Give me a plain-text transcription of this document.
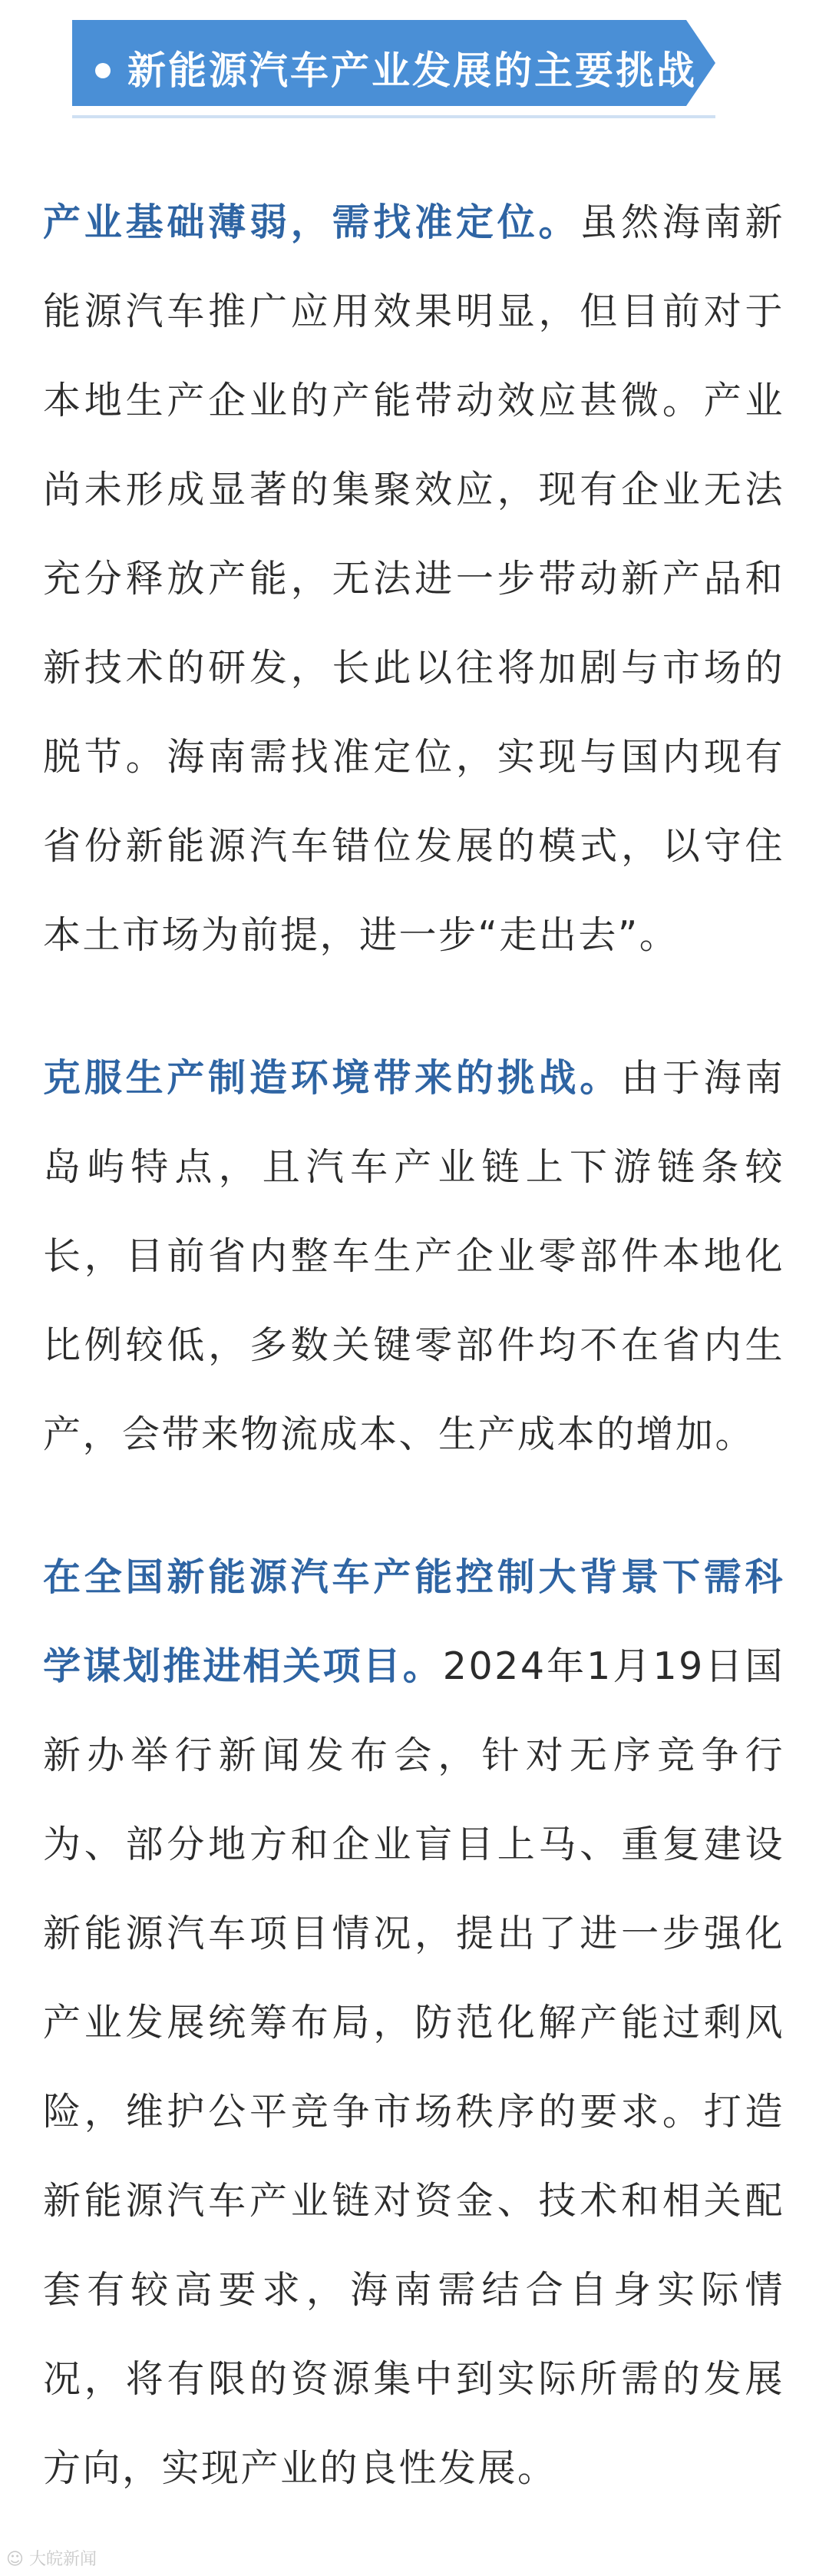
新能源汽车产业发展的主要挑战

产业基础薄弱，需找准定位。虽然海南新能源汽车推广应用效果明显，但目前对于本地生产企业的产能带动效应甚微。产业尚未形成显著的集聚效应，现有企业无法充分释放产能，无法进一步带动新产品和新技术的研发，长此以往将加剧与市场的脱节。海南需找准定位，实现与国内现有省份新能源汽车错位发展的模式，以守住本土市场为前提，进一步“走出去”。

克服生产制造环境带来的挑战。由于海南岛屿特点，且汽车产业链上下游链条较长，目前省内整车生产企业零部件本地化比例较低，多数关键零部件均不在省内生产，会带来物流成本、生产成本的增加。

在全国新能源汽车产能控制大背景下需科学谋划推进相关项目。2024年1月19日国新办举行新闻发布会，针对无序竞争行为、部分地方和企业盲目上马、重复建设新能源汽车项目情况，提出了进一步强化产业发展统筹布局，防范化解产能过剩风险，维护公平竞争市场秩序的要求。打造新能源汽车产业链对资金、技术和相关配套有较高要求，海南需结合自身实际情况，将有限的资源集中到实际所需的发展方向，实现产业的良性发展。

☺ 大皖新闻
